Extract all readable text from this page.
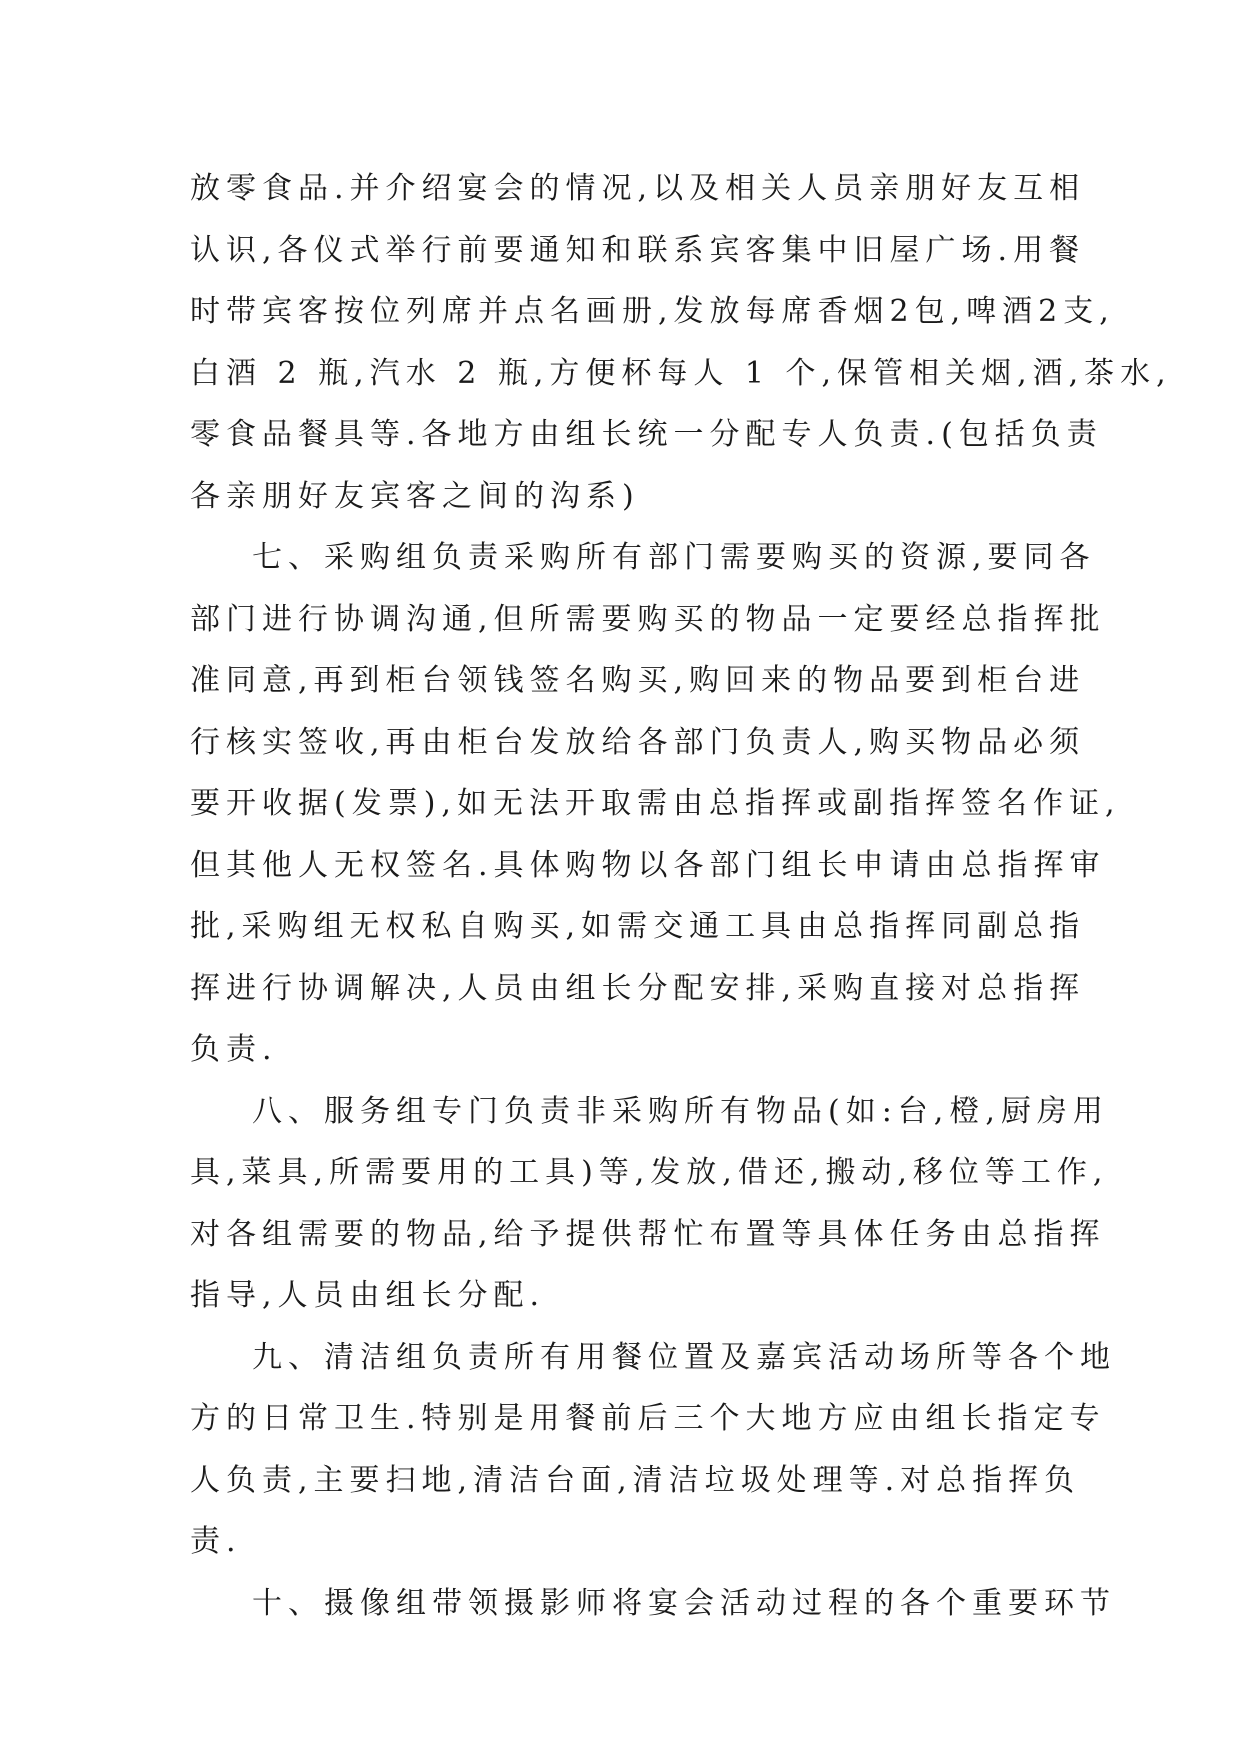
放零食品.并介绍宴会的情况,以及相关人员亲朋好友互相
认识,各仪式举行前要通知和联系宾客集中旧屋广场.用餐
时带宾客按位列席并点名画册,发放每席香烟2包,啤酒2支,
白酒 2 瓶,汽水 2 瓶,方便杯每人 1 个,保管相关烟,酒,茶水,
零食品餐具等.各地方由组长统一分配专人负责.(包括负责
各亲朋好友宾客之间的沟系)
七、采购组负责采购所有部门需要购买的资源,要同各
部门进行协调沟通,但所需要购买的物品一定要经总指挥批
准同意,再到柜台领钱签名购买,购回来的物品要到柜台进
行核实签收,再由柜台发放给各部门负责人,购买物品必须
要开收据(发票),如无法开取需由总指挥或副指挥签名作证,
但其他人无权签名.具体购物以各部门组长申请由总指挥审
批,采购组无权私自购买,如需交通工具由总指挥同副总指
挥进行协调解决,人员由组长分配安排,采购直接对总指挥
负责.
八、服务组专门负责非采购所有物品(如:台,橙,厨房用
具,菜具,所需要用的工具)等,发放,借还,搬动,移位等工作,
对各组需要的物品,给予提供帮忙布置等具体任务由总指挥
指导,人员由组长分配.
九、清洁组负责所有用餐位置及嘉宾活动场所等各个地
方的日常卫生.特别是用餐前后三个大地方应由组长指定专
人负责,主要扫地,清洁台面,清洁垃圾处理等.对总指挥负
责.
十、摄像组带领摄影师将宴会活动过程的各个重要环节
